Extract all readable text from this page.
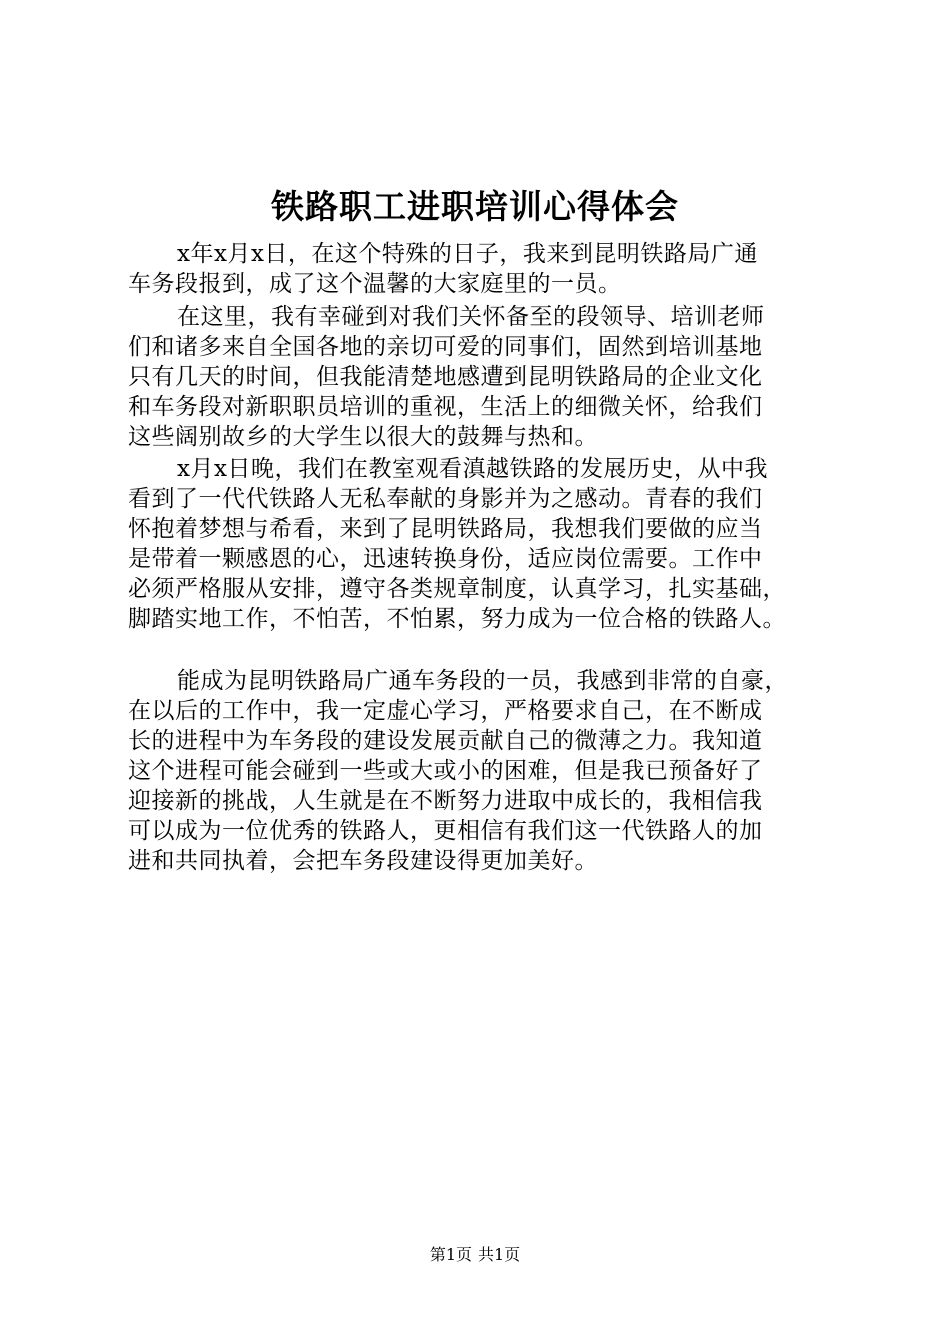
铁路职工进职培训心得体会
x年x月x日，在这个特殊的日子，我来到昆明铁路局广通
车务段报到，成了这个温馨的大家庭里的一员。
在这里，我有幸碰到对我们关怀备至的段领导、培训老师
们和诸多来自全国各地的亲切可爱的同事们，固然到培训基地
只有几天的时间，但我能清楚地感遭到昆明铁路局的企业文化
和车务段对新职职员培训的重视，生活上的细微关怀，给我们
这些阔别故乡的大学生以很大的鼓舞与热和。
x月x日晚，我们在教室观看滇越铁路的发展历史，从中我
看到了一代代铁路人无私奉献的身影并为之感动。青春的我们
怀抱着梦想与希看，来到了昆明铁路局，我想我们要做的应当
是带着一颗感恩的心，迅速转换身份，适应岗位需要。工作中
必须严格服从安排，遵守各类规章制度，认真学习，扎实基础，
脚踏实地工作，不怕苦，不怕累，努力成为一位合格的铁路人。
能成为昆明铁路局广通车务段的一员，我感到非常的自豪，
在以后的工作中，我一定虚心学习，严格要求自己，在不断成
长的进程中为车务段的建设发展贡献自己的微薄之力。我知道
这个进程可能会碰到一些或大或小的困难，但是我已预备好了
迎接新的挑战，人生就是在不断努力进取中成长的，我相信我
可以成为一位优秀的铁路人，更相信有我们这一代铁路人的加
进和共同执着，会把车务段建设得更加美好。
第1页 共1页
